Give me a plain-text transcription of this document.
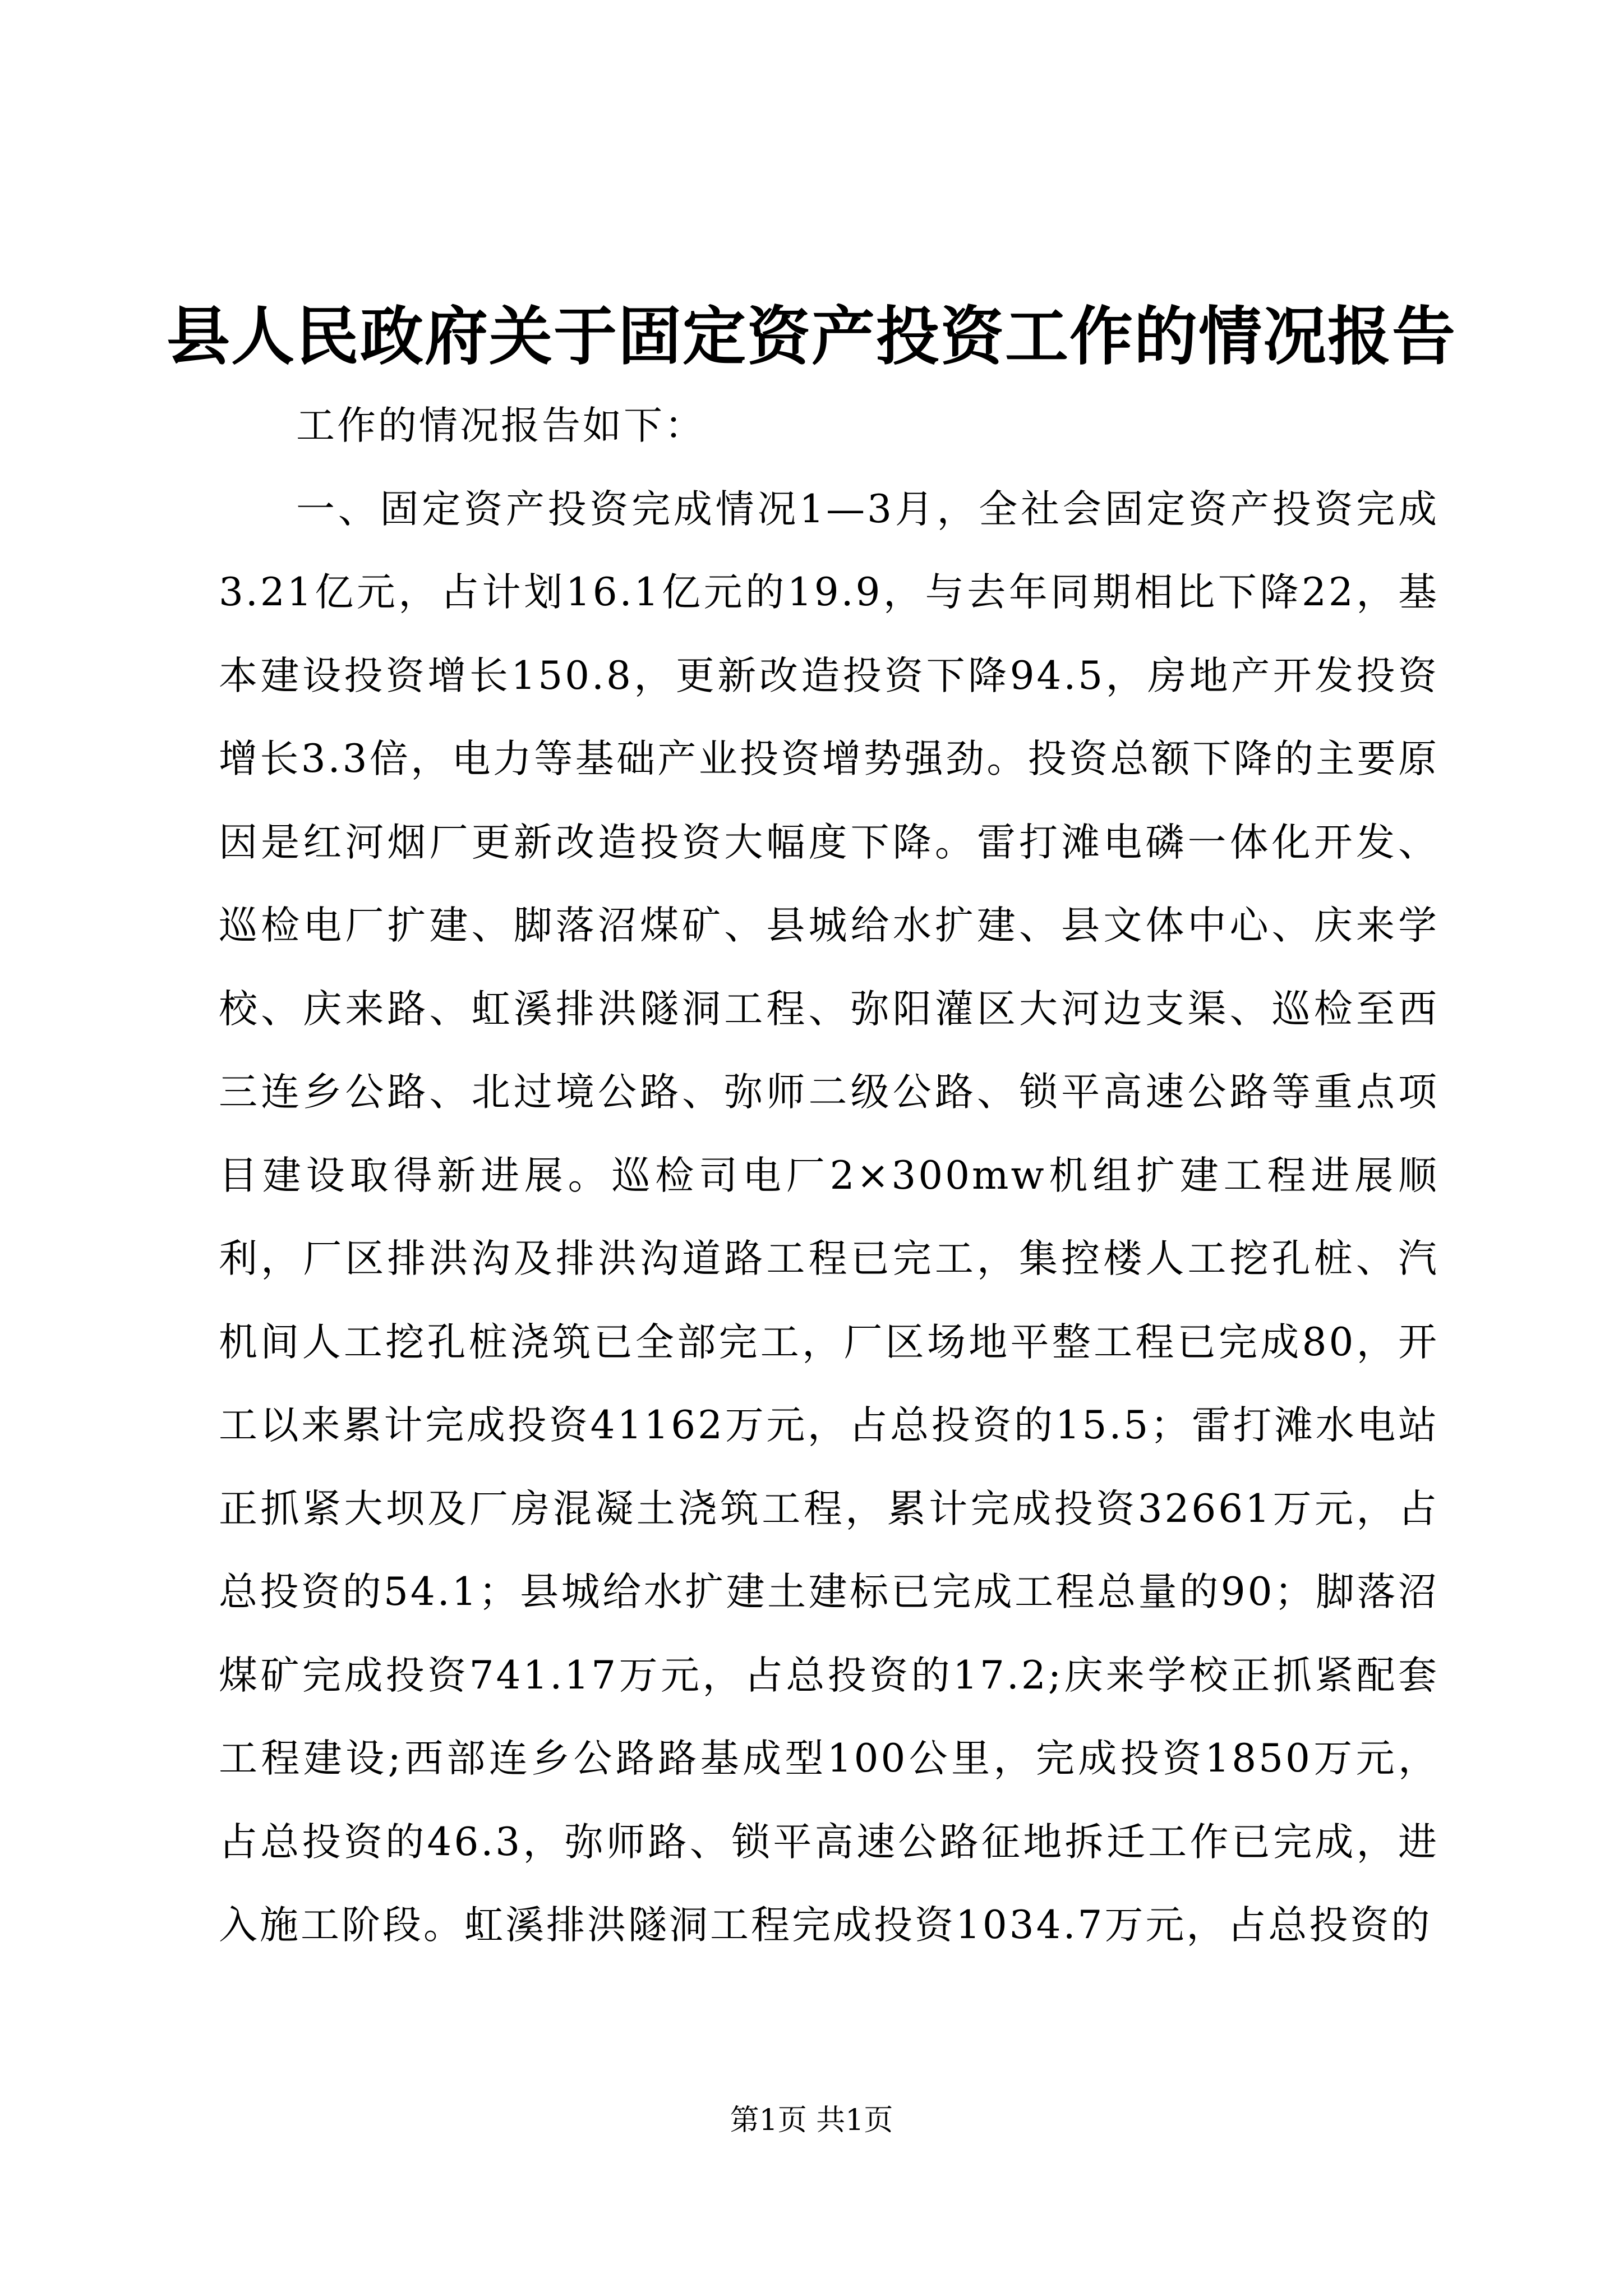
县人民政府关于固定资产投资工作的情况报告

工作的情况报告如下：

一、固定资产投资完成情况1—3月，全社会固定资产投资完成3.21亿元，占计划16.1亿元的19.9，与去年同期相比下降22，基本建设投资增长150.8，更新改造投资下降94.5，房地产开发投资增长3.3倍，电力等基础产业投资增势强劲。投资总额下降的主要原因是红河烟厂更新改造投资大幅度下降。雷打滩电磷一体化开发、巡检电厂扩建、脚落沼煤矿、县城给水扩建、县文体中心、庆来学校、庆来路、虹溪排洪隧洞工程、弥阳灌区大河边支渠、巡检至西三连乡公路、北过境公路、弥师二级公路、锁平高速公路等重点项目建设取得新进展。巡检司电厂2×300mw机组扩建工程进展顺利，厂区排洪沟及排洪沟道路工程已完工，集控楼人工挖孔桩、汽机间人工挖孔桩浇筑已全部完工，厂区场地平整工程已完成80，开工以来累计完成投资41162万元，占总投资的15.5；雷打滩水电站正抓紧大坝及厂房混凝土浇筑工程，累计完成投资32661万元，占总投资的54.1；县城给水扩建土建标已完成工程总量的90；脚落沼煤矿完成投资741.17万元，占总投资的17.2;庆来学校正抓紧配套工程建设;西部连乡公路路基成型100公里，完成投资1850万元，占总投资的46.3，弥师路、锁平高速公路征地拆迁工作已完成，进入施工阶段。虹溪排洪隧洞工程完成投资1034.7万元，占总投资的

第1页 共1页
